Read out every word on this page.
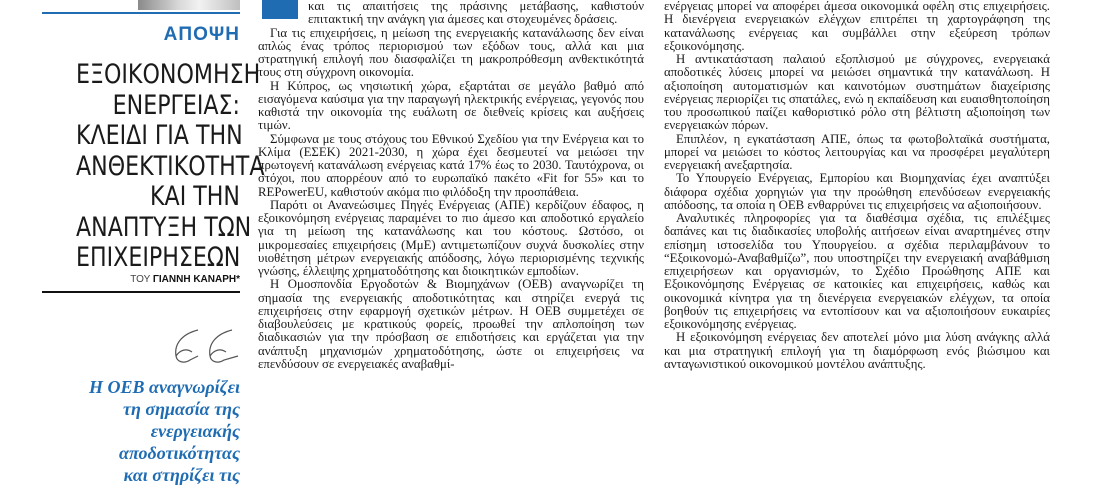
ΑΠΟΨΗ
ΕΞΟΙΚΟΝΟΜΗΣΗ
ΕΝΕΡΓΕΙΑΣ:
ΚΛΕΙΔΙ ΓΙΑ ΤΗΝ
ΑΝΘΕΚΤΙΚΟΤΗΤΑ
ΚΑΙ ΤΗΝ
ΑΝΑΠΤΥΞΗ ΤΩΝ
ΕΠΙΧΕΙΡΗΣΕΩΝ
ΤΟΥ ΓΙΑΝΝΗ ΚΑΝΑΡΗ*
Η ΟΕΒ αναγνωρίζει
τη σημασία της
ενεργειακής
αποδοτικότητας
και στηρίζει τις

και τις απαιτήσεις της πράσινης μετάβασης, καθιστούν επιτακτική την ανάγκη για άμεσες και στοχευμένες δράσεις.

Για τις επιχειρήσεις, η μείωση της ενεργειακής κατανάλωσης δεν είναι απλώς ένας τρόπος περιορισμού των εξόδων τους, αλλά και μια στρατηγική επιλογή που διασφαλίζει τη μακροπρόθεσμη ανθεκτικότητά τους στη σύγχρονη οικονομία.

Η Κύπρος, ως νησιωτική χώρα, εξαρτάται σε μεγάλο βαθμό από εισαγόμενα καύσιμα για την παραγωγή ηλεκτρικής ενέργειας, γεγονός που καθιστά την οικονομία της ευάλωτη σε διεθνείς κρίσεις και αυξήσεις τιμών.

Σύμφωνα με τους στόχους του Εθνικού Σχεδίου για την Ενέργεια και το Κλίμα (ΕΣΕΚ) 2021-2030, η χώρα έχει δεσμευτεί να μειώσει την πρωτογενή κατανάλωση ενέργειας κατά 17% έως το 2030. Ταυτόχρονα, οι στόχοι, που απορρέουν από το ευρωπαϊκό πακέτο «Fit for 55» και το REPowerEU, καθιστούν ακόμα πιο φιλόδοξη την προσπάθεια.

Παρότι οι Ανανεώσιμες Πηγές Ενέργειας (ΑΠΕ) κερδίζουν έδαφος, η εξοικονόμηση ενέργειας παραμένει το πιο άμεσο και αποδοτικό εργαλείο για τη μείωση της κατανάλωσης και του κόστους. Ωστόσο, οι μικρομεσαίες επιχειρήσεις (ΜμΕ) αντιμετωπίζουν συχνά δυσκολίες στην υιοθέτηση μέτρων ενεργειακής απόδοσης, λόγω περιορισμένης τεχνικής γνώσης, έλλειψης χρηματοδότησης και διοικητικών εμποδίων.

Η Ομοσπονδία Εργοδοτών & Βιομηχάνων (ΟΕΒ) αναγνωρίζει τη σημασία της ενεργειακής αποδοτικότητας και στηρίζει ενεργά τις επιχειρήσεις στην εφαρμογή σχετικών μέτρων. Η ΟΕΒ συμμετέχει σε διαβουλεύσεις με κρατικούς φορείς, προωθεί την απλοποίηση των διαδικασιών για την πρόσβαση σε επιδοτήσεις και εργάζεται για την ανάπτυξη μηχανισμών χρηματοδότησης, ώστε οι επιχειρήσεις να επενδύσουν σε ενεργειακές αναβαθμί-

ενέργειας μπορεί να αποφέρει άμεσα οικονομικά οφέλη στις επιχειρήσεις. Η διενέργεια ενεργειακών ελέγχων επιτρέπει τη χαρτογράφηση της κατανάλωσης ενέργειας και συμβάλλει στην εξεύρεση τρόπων εξοικονόμησης.

Η αντικατάσταση παλαιού εξοπλισμού με σύγχρονες, ενεργειακά αποδοτικές λύσεις μπορεί να μειώσει σημαντικά την κατανάλωση. Η αξιοποίηση αυτοματισμών και καινοτόμων συστημάτων διαχείρισης ενέργειας περιορίζει τις σπατάλες, ενώ η εκπαίδευση και ευαισθητοποίηση του προσωπικού παίζει καθοριστικό ρόλο στη βέλτιστη αξιοποίηση των ενεργειακών πόρων.

Επιπλέον, η εγκατάσταση ΑΠΕ, όπως τα φωτοβολταϊκά συστήματα, μπορεί να μειώσει το κόστος λειτουργίας και να προσφέρει μεγαλύτερη ενεργειακή ανεξαρτησία.

Το Υπουργείο Ενέργειας, Εμπορίου και Βιομηχανίας έχει αναπτύξει διάφορα σχέδια χορηγιών για την προώθηση επενδύσεων ενεργειακής απόδοσης, τα οποία η ΟΕΒ ενθαρρύνει τις επιχειρήσεις να αξιοποιήσουν.

Αναλυτικές πληροφορίες για τα διαθέσιμα σχέδια, τις επιλέξιμες δαπάνες και τις διαδικασίες υποβολής αιτήσεων είναι αναρτημένες στην επίσημη ιστοσελίδα του Υπουργείου. α σχέδια περιλαμβάνουν το “Εξοικονομώ-Αναβαθμίζω”, που υποστηρίζει την ενεργειακή αναβάθμιση επιχειρήσεων και οργανισμών, το Σχέδιο Προώθησης ΑΠΕ και Εξοικονόμησης Ενέργειας σε κατοικίες και επιχειρήσεις, καθώς και οικονομικά κίνητρα για τη διενέργεια ενεργειακών ελέγχων, τα οποία βοηθούν τις επιχειρήσεις να εντοπίσουν και να αξιοποιήσουν ευκαιρίες εξοικονόμησης ενέργειας.

Η εξοικονόμηση ενέργειας δεν αποτελεί μόνο μια λύση ανάγκης αλλά και μια στρατηγική επιλογή για τη διαμόρφωση ενός βιώσιμου και ανταγωνιστικού οικονομικού μοντέλου ανάπτυξης.
